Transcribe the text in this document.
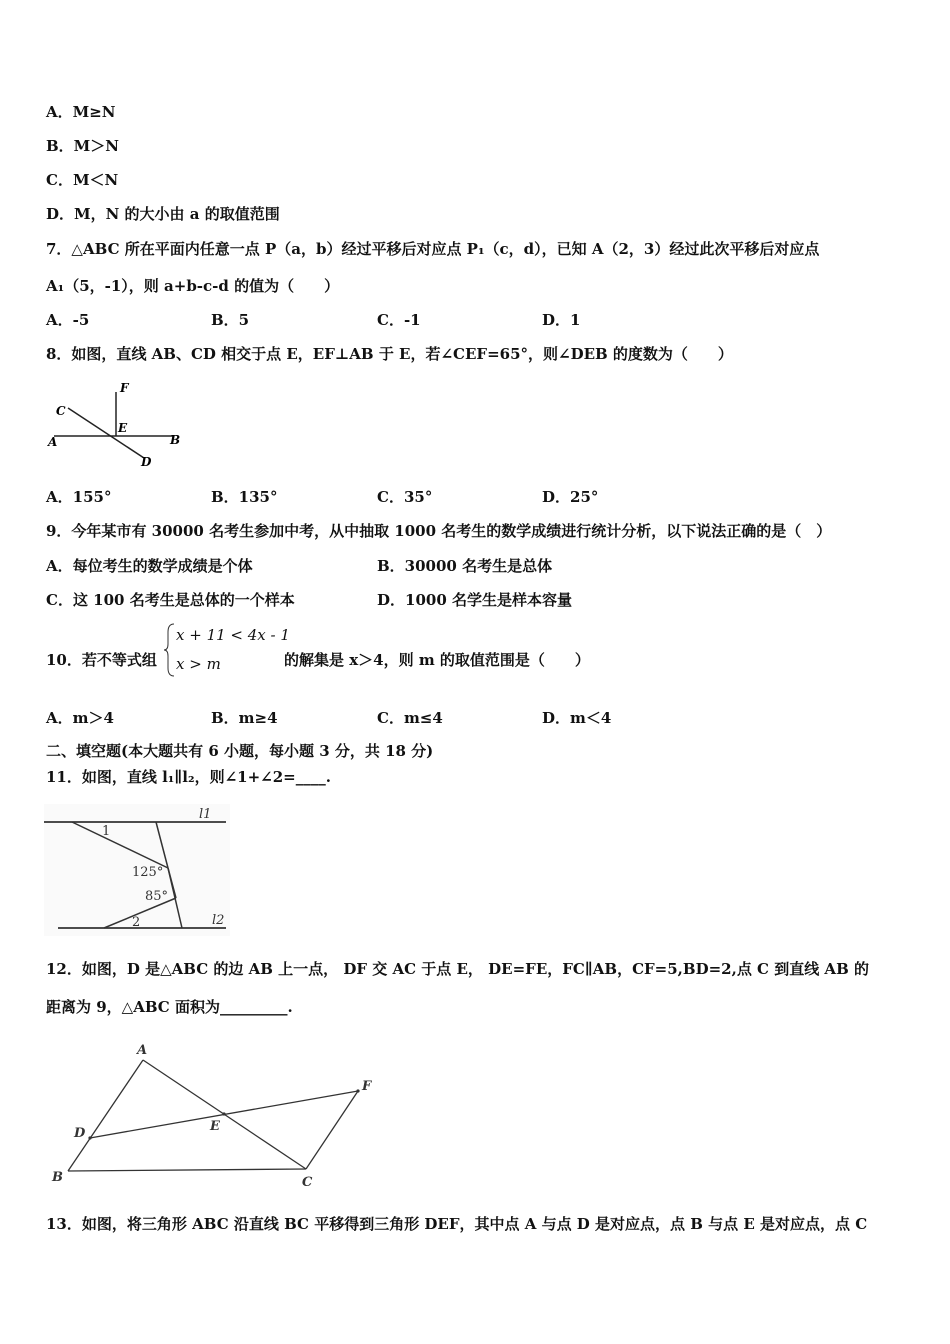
A．M≥N
B．M＞N
C．M＜N
D．M，N 的大小由 a 的取值范围
7．△ABC 所在平面内任意一点 P（a，b）经过平移后对应点 P₁（c，d），已知 A（2，3）经过此次平移后对应点
A₁（5，-1），则 a+b-c-d 的值为（　　）
A．-5	B．5	C．-1	D．1
8．如图，直线 AB、CD 相交于点 E，EF⊥AB 于 E，若∠CEF=65°，则∠DEB 的度数为（　　）
F
C
E
A	B
D
A．155°	B．135°	C．35°	D．25°
9．今年某市有 30000 名考生参加中考，从中抽取 1000 名考生的数学成绩进行统计分析，以下说法正确的是（　）
A．每位考生的数学成绩是个体	B．30000 名考生是总体
C．这 100 名考生是总体的一个样本	D．1000 名学生是样本容量
10．若不等式组
x + 11 < 4x - 1
x > m	的解集是 x＞4，则 m 的取值范围是（　　）
A．m＞4	B．m≥4	C．m≤4	D．m＜4
二、填空题(本大题共有 6 小题，每小题 3 分，共 18 分)
11．如图，直线 l₁∥l₂，则∠1+∠2=____.
l1
l2
1
125°
85°
2
12．如图，D 是△ABC 的边 AB 上一点， DF 交 AC 于点 E， DE=FE，FC∥AB，CF=5,BD=2,点 C 到直线 AB 的
距离为 9，△ABC 面积为_________.
A
B	C
D	E
F
13．如图，将三角形 ABC 沿直线 BC 平移得到三角形 DEF，其中点 A 与点 D 是对应点，点 B 与点 E 是对应点，点 C
